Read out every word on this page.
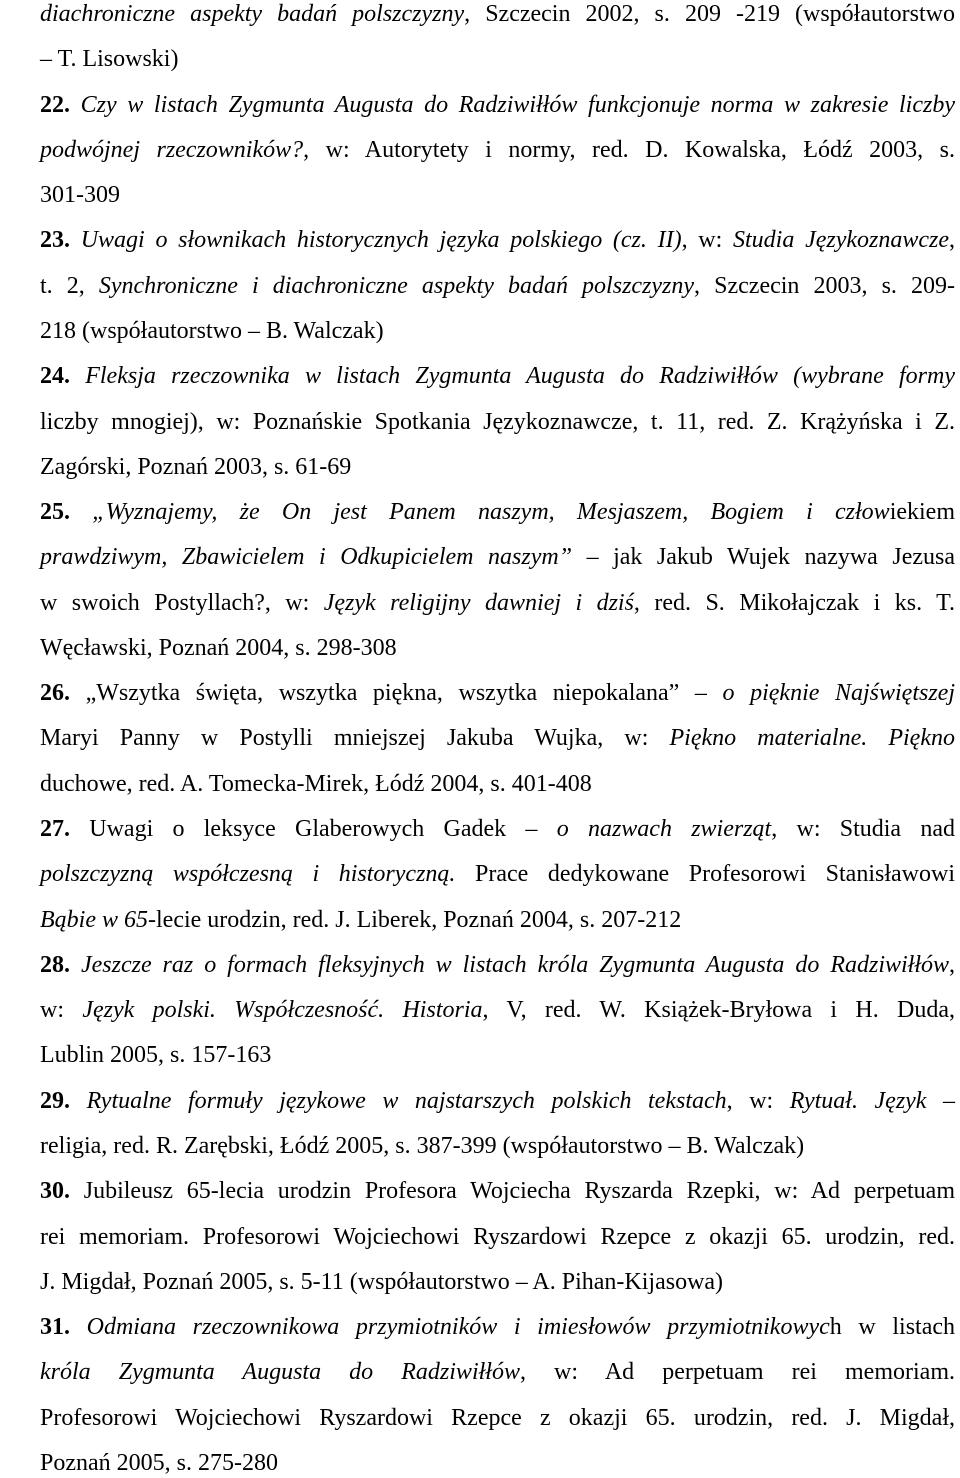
diachroniczne aspekty badań polszczyzny, Szczecin 2002, s. 209 -219 (współautorstwo
– T. Lisowski)
22. Czy w listach Zygmunta Augusta do Radziwiłłów funkcjonuje norma w zakresie liczby
podwójnej rzeczowników?, w: Autorytety i normy, red. D. Kowalska, Łódź 2003, s.
301-309
23. Uwagi o słownikach historycznych języka polskiego (cz. II), w: Studia Językoznawcze,
t. 2, Synchroniczne i diachroniczne aspekty badań polszczyzny, Szczecin 2003, s. 209-
218 (współautorstwo – B. Walczak)
24. Fleksja rzeczownika w listach Zygmunta Augusta do Radziwiłłów (wybrane formy
liczby mnogiej), w: Poznańskie Spotkania Językoznawcze, t. 11, red. Z. Krążyńska i Z.
Zagórski, Poznań 2003, s. 61-69
25. „Wyznajemy, że On jest Panem naszym, Mesjaszem, Bogiem i człowiekiem
prawdziwym, Zbawicielem i Odkupicielem naszym” – jak Jakub Wujek nazywa Jezusa
w swoich Postyllach?, w: Język religijny dawniej i dziś, red. S. Mikołajczak i ks. T.
Węcławski, Poznań 2004, s. 298-308
26. „Wszytka święta, wszytka piękna, wszytka niepokalana” – o pięknie Najświętszej
Maryi Panny w Postylli mniejszej Jakuba Wujka, w: Piękno materialne. Piękno
duchowe, red. A. Tomecka-Mirek, Łódź 2004, s. 401-408
27. Uwagi o leksyce Glaberowych Gadek – o nazwach zwierząt, w: Studia nad
polszczyzną współczesną i historyczną. Prace dedykowane Profesorowi Stanisławowi
Bąbie w 65-lecie urodzin, red. J. Liberek, Poznań 2004, s. 207-212
28. Jeszcze raz o formach fleksyjnych w listach króla Zygmunta Augusta do Radziwiłłów,
w: Język polski. Współczesność. Historia, V, red. W. Książek-Bryłowa i H. Duda,
Lublin 2005, s. 157-163
29. Rytualne formuły językowe w najstarszych polskich tekstach, w: Rytuał. Język –
religia, red. R. Zarębski, Łódź 2005, s. 387-399 (współautorstwo – B. Walczak)
30. Jubileusz 65-lecia urodzin Profesora Wojciecha Ryszarda Rzepki, w: Ad perpetuam
rei memoriam. Profesorowi Wojciechowi Ryszardowi Rzepce z okazji 65. urodzin, red.
J. Migdał, Poznań 2005, s. 5-11 (współautorstwo – A. Pihan-Kijasowa)
31. Odmiana rzeczownikowa przymiotników i imiesłowów przymiotnikowych w listach
króla Zygmunta Augusta do Radziwiłłów, w: Ad perpetuam rei memoriam.
Profesorowi Wojciechowi Ryszardowi Rzepce z okazji 65. urodzin, red. J. Migdał,
Poznań 2005, s. 275-280
